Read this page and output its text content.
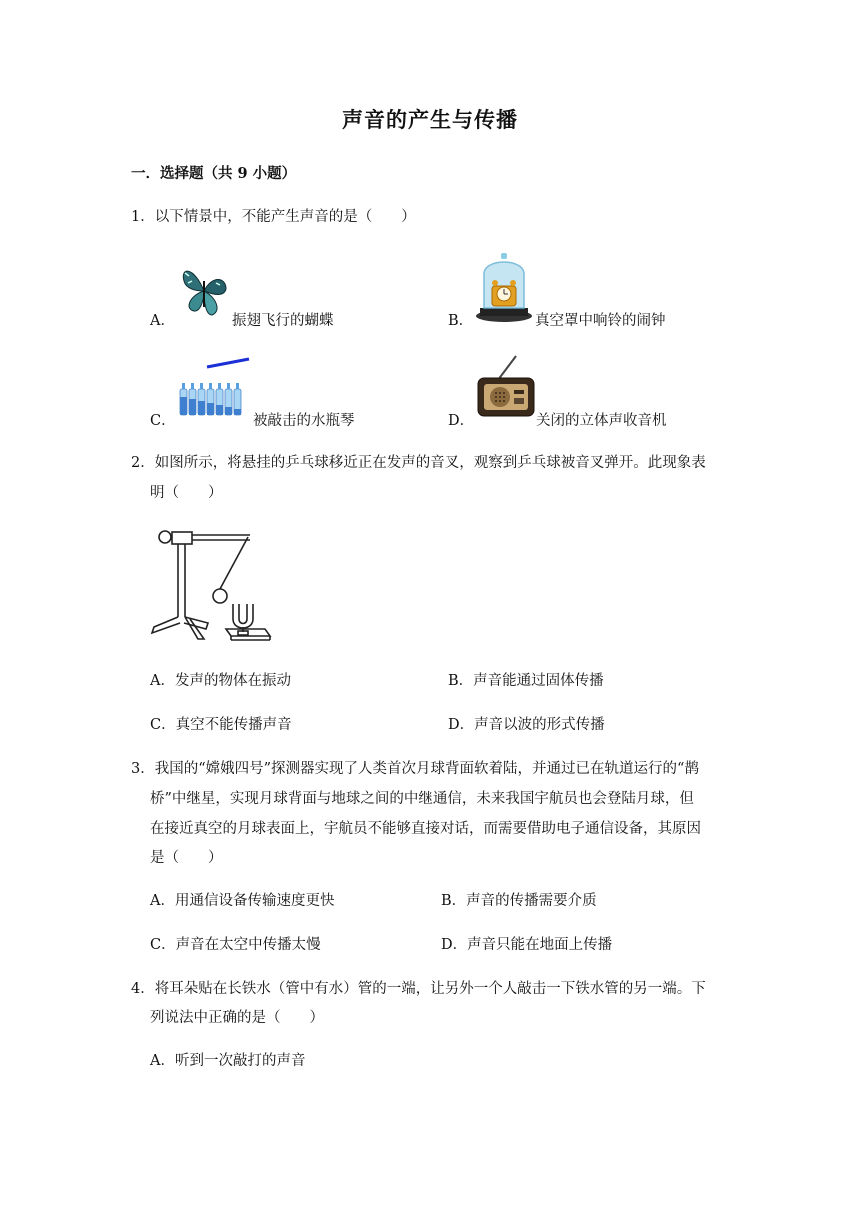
声音的产生与传播
一．选择题（共 9 小题）
1．以下情景中，不能产生声音的是（　　）
A．	振翅飞行的蝴蝶	B．	真空罩中响铃的闹钟
C．	被敲击的水瓶琴	D．	关闭的立体声收音机
2．如图所示，将悬挂的乒乓球移近正在发声的音叉，观察到乒乓球被音叉弹开。此现象表
明（　　）
A．发声的物体在振动	B．声音能通过固体传播
C．真空不能传播声音	D．声音以波的形式传播
3．我国的“嫦娥四号”探测器实现了人类首次月球背面软着陆，并通过已在轨道运行的“鹊
桥”中继星，实现月球背面与地球之间的中继通信，未来我国宇航员也会登陆月球，但
在接近真空的月球表面上，宇航员不能够直接对话，而需要借助电子通信设备，其原因
是（　　）
A．用通信设备传输速度更快	B．声音的传播需要介质
C．声音在太空中传播太慢	D．声音只能在地面上传播
4．将耳朵贴在长铁水（管中有水）管的一端，让另外一个人敲击一下铁水管的另一端。下
列说法中正确的是（　　）
A．听到一次敲打的声音
